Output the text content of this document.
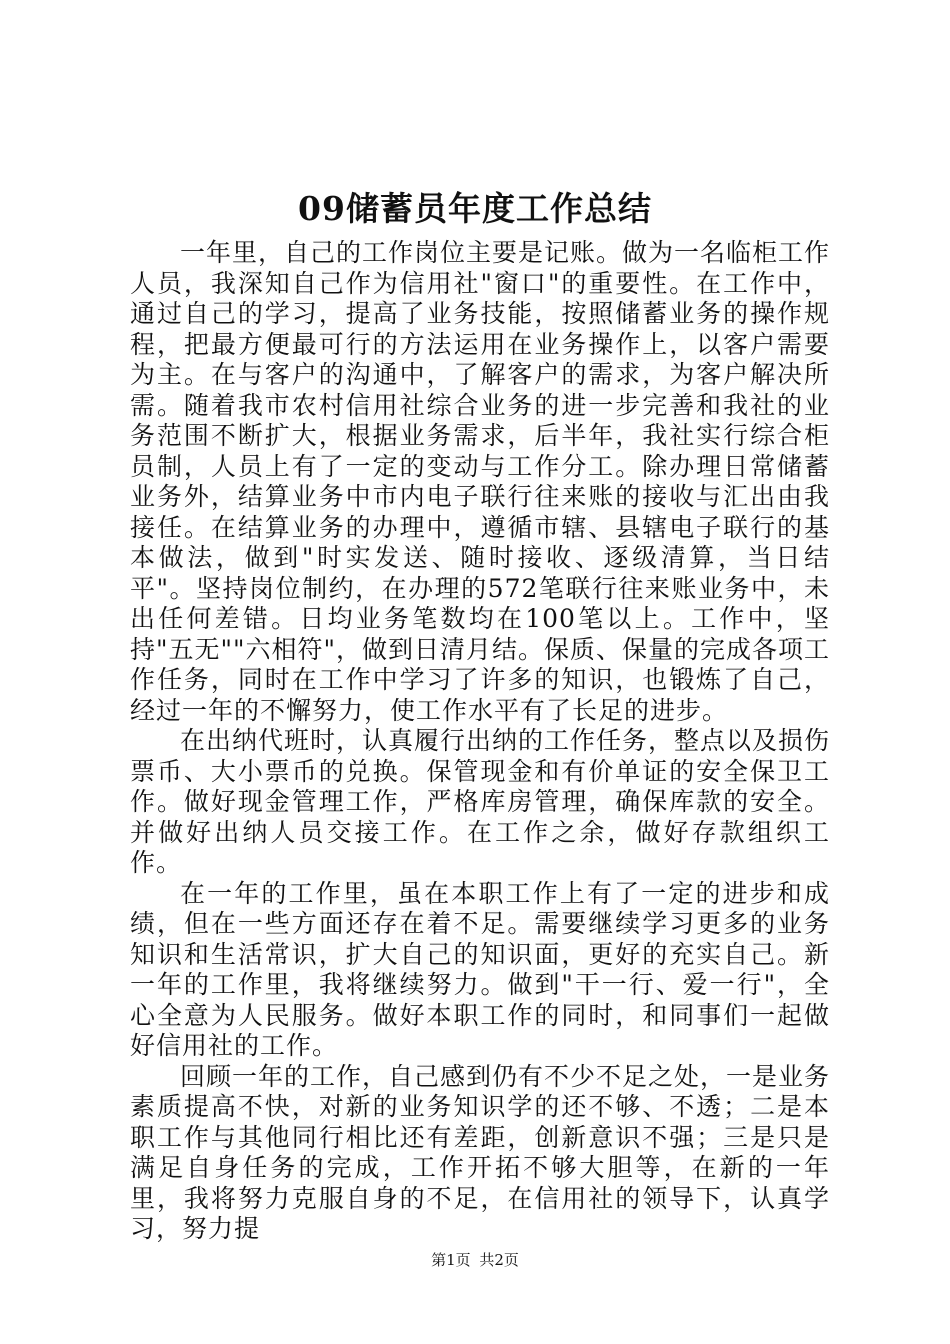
09储蓄员年度工作总结

一年里，自己的工作岗位主要是记账。做为一名临柜工作人员，我深知自己作为信用社"窗口"的重要性。在工作中，通过自己的学习，提高了业务技能，按照储蓄业务的操作规程，把最方便最可行的方法运用在业务操作上，以客户需要为主。在与客户的沟通中，了解客户的需求，为客户解决所需。随着我市农村信用社综合业务的进一步完善和我社的业务范围不断扩大，根据业务需求，后半年，我社实行综合柜员制，人员上有了一定的变动与工作分工。除办理日常储蓄业务外，结算业务中市内电子联行往来账的接收与汇出由我接任。在结算业务的办理中，遵循市辖、县辖电子联行的基本做法，做到"时实发送、随时接收、逐级清算，当日结平"。坚持岗位制约，在办理的572笔联行往来账业务中，未出任何差错。日均业务笔数均在100笔以上。工作中，坚持"五无""六相符"，做到日清月结。保质、保量的完成各项工作任务，同时在工作中学习了许多的知识，也锻炼了自己，经过一年的不懈努力，使工作水平有了长足的进步。

在出纳代班时，认真履行出纳的工作任务，整点以及损伤票币、大小票币的兑换。保管现金和有价单证的安全保卫工作。做好现金管理工作，严格库房管理，确保库款的安全。并做好出纳人员交接工作。在工作之余，做好存款组织工作。

在一年的工作里，虽在本职工作上有了一定的进步和成绩，但在一些方面还存在着不足。需要继续学习更多的业务知识和生活常识，扩大自己的知识面，更好的充实自己。新一年的工作里，我将继续努力。做到"干一行、爱一行"，全心全意为人民服务。做好本职工作的同时，和同事们一起做好信用社的工作。

回顾一年的工作，自己感到仍有不少不足之处，一是业务素质提高不快，对新的业务知识学的还不够、不透；二是本职工作与其他同行相比还有差距，创新意识不强；三是只是满足自身任务的完成，工作开拓不够大胆等，在新的一年里，我将努力克服自身的不足，在信用社的领导下，认真学习，努力提

第1页 共2页
